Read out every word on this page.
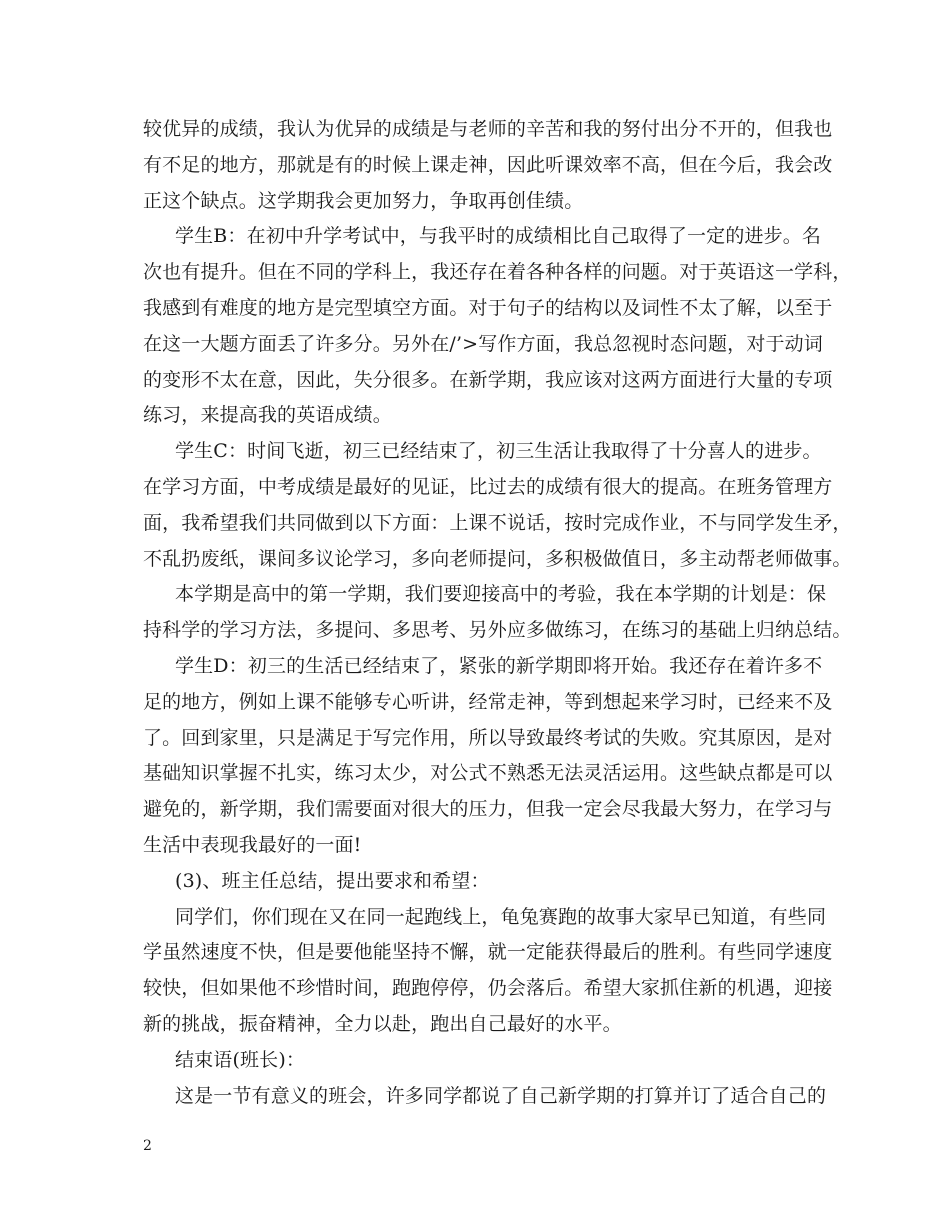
较优异的成绩，我认为优异的成绩是与老师的辛苦和我的努付出分不开的，但我也
有不足的地方，那就是有的时候上课走神，因此听课效率不高，但在今后，我会改
正这个缺点。这学期我会更加努力，争取再创佳绩。
学生B：在初中升学考试中，与我平时的成绩相比自己取得了一定的进步。名
次也有提升。但在不同的学科上，我还存在着各种各样的问题。对于英语这一学科，
我感到有难度的地方是完型填空方面。对于句子的结构以及词性不太了解，以至于
在这一大题方面丢了许多分。另外在/’>写作方面，我总忽视时态问题，对于动词
的变形不太在意，因此，失分很多。在新学期，我应该对这两方面进行大量的专项
练习，来提高我的英语成绩。
学生C：时间飞逝，初三已经结束了，初三生活让我取得了十分喜人的进步。
在学习方面，中考成绩是最好的见证，比过去的成绩有很大的提高。在班务管理方
面，我希望我们共同做到以下方面：上课不说话，按时完成作业，不与同学发生矛，
不乱扔废纸，课间多议论学习，多向老师提问，多积极做值日，多主动帮老师做事。
本学期是高中的第一学期，我们要迎接高中的考验，我在本学期的计划是：保
持科学的学习方法，多提问、多思考、另外应多做练习，在练习的基础上归纳总结。
学生D：初三的生活已经结束了，紧张的新学期即将开始。我还存在着许多不
足的地方，例如上课不能够专心听讲，经常走神，等到想起来学习时，已经来不及
了。回到家里，只是满足于写完作用，所以导致最终考试的失败。究其原因，是对
基础知识掌握不扎实，练习太少，对公式不熟悉无法灵活运用。这些缺点都是可以
避免的，新学期，我们需要面对很大的压力，但我一定会尽我最大努力，在学习与
生活中表现我最好的一面!
(3)、班主任总结，提出要求和希望：
同学们，你们现在又在同一起跑线上，龟兔赛跑的故事大家早已知道，有些同
学虽然速度不快，但是要他能坚持不懈，就一定能获得最后的胜利。有些同学速度
较快，但如果他不珍惜时间，跑跑停停，仍会落后。希望大家抓住新的机遇，迎接
新的挑战，振奋精神，全力以赴，跑出自己最好的水平。
结束语(班长)：
这是一节有意义的班会，许多同学都说了自己新学期的打算并订了适合自己的
2
